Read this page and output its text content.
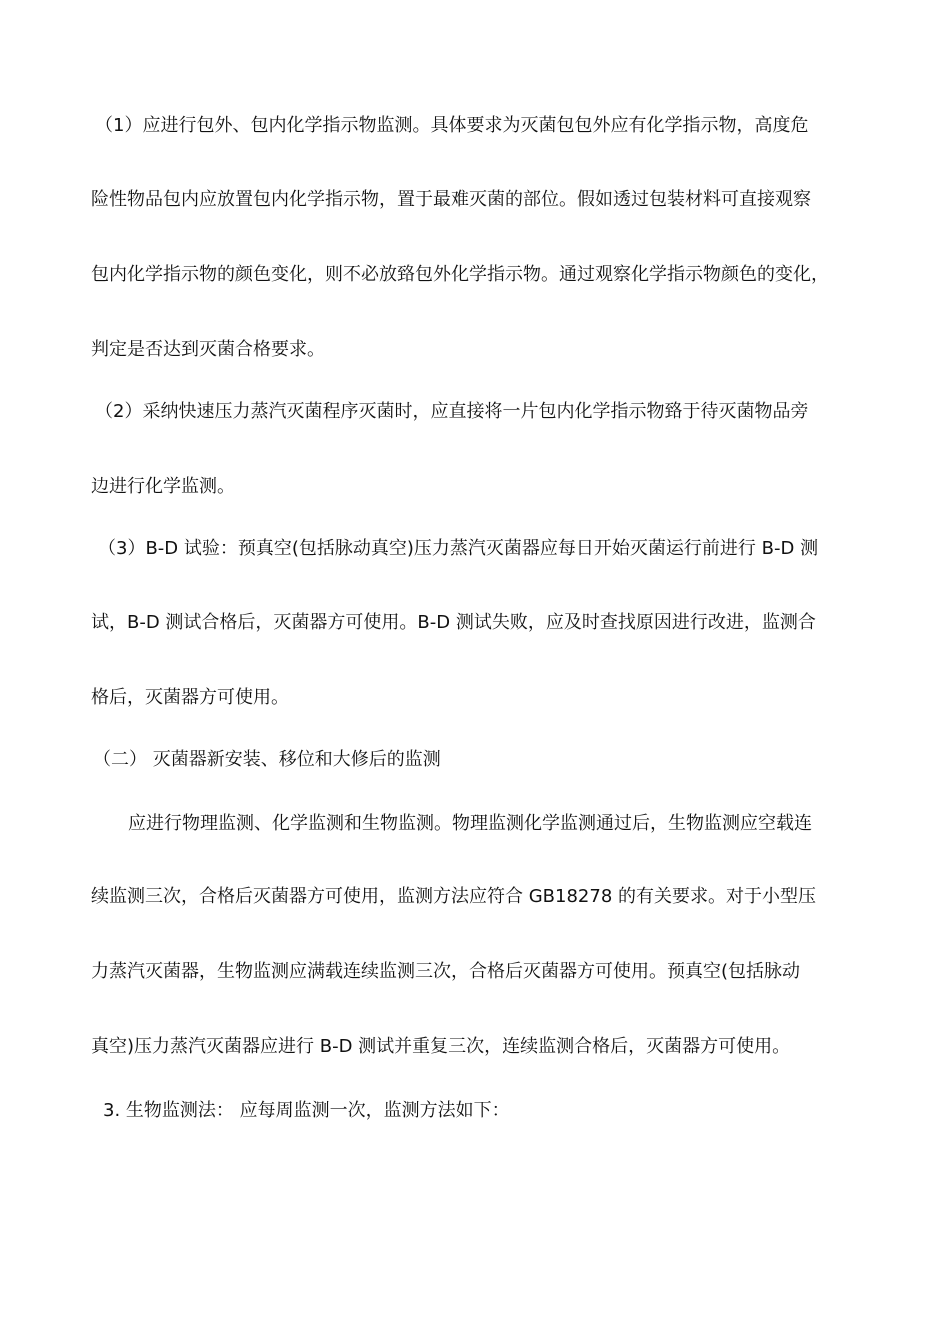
（1）应进行包外、包内化学指示物监测。具体要求为灭菌包包外应有化学指示物，高度危
险性物品包内应放置包内化学指示物，置于最难灭菌的部位。假如透过包装材料可直接观察
包内化学指示物的颜色变化，则不必放臵包外化学指示物。通过观察化学指示物颜色的变化，
判定是否达到灭菌合格要求。
（2）采纳快速压力蒸汽灭菌程序灭菌时，应直接将一片包内化学指示物臵于待灭菌物品旁
边进行化学监测。
（3）B-D 试验：预真空(包括脉动真空)压力蒸汽灭菌器应每日开始灭菌运行前进行 B-D 测
试，B-D 测试合格后，灭菌器方可使用。B-D 测试失败，应及时查找原因进行改进，监测合
格后，灭菌器方可使用。
（二） 灭菌器新安装、移位和大修后的监测
应进行物理监测、化学监测和生物监测。物理监测化学监测通过后，生物监测应空载连
续监测三次，合格后灭菌器方可使用，监测方法应符合 GB18278 的有关要求。对于小型压
力蒸汽灭菌器，生物监测应满载连续监测三次，合格后灭菌器方可使用。预真空(包括脉动
真空)压力蒸汽灭菌器应进行 B-D 测试并重复三次，连续监测合格后，灭菌器方可使用。
3. 生物监测法： 应每周监测一次，监测方法如下：
